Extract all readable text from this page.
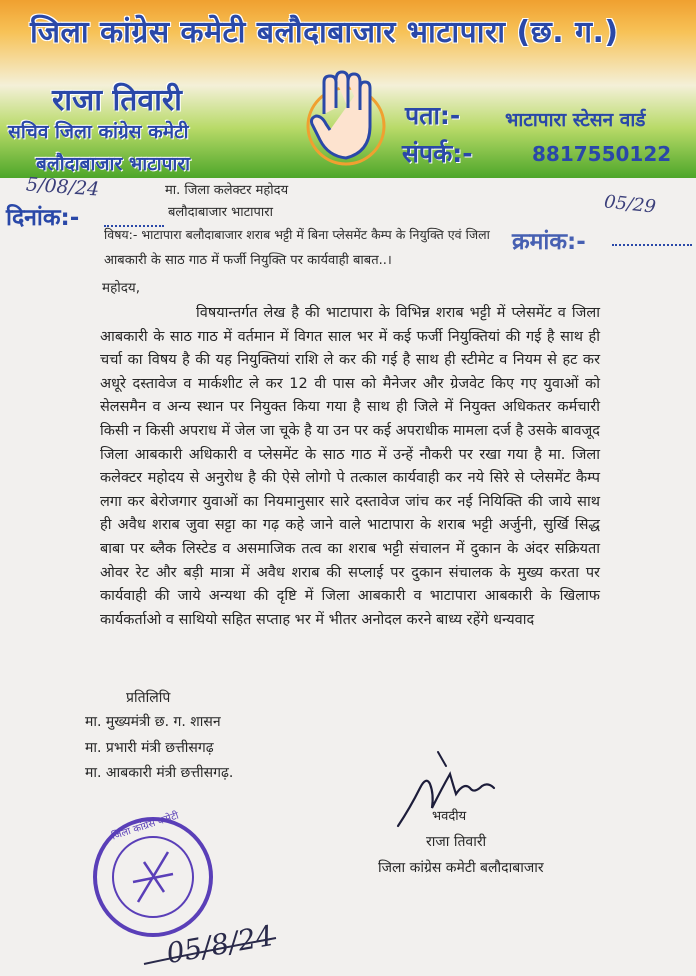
जिला कांग्रेस कमेटी बलौदाबाजार भाटापारा (छ. ग.)
राजा तिवारी
सचिव जिला कांग्रेस कमेटी
बलौदाबाजार भाटापारा
पता:- भाटापारा स्टेसन वार्ड
संपर्क:-	8817550122
5/08/24
दिनांक:-
मा. जिला कलेक्टर महोदय
बलौदाबाजार भाटापारा	05/29
क्रमांक:-
विषय:- भाटापारा बलौदाबाजार शराब भट्टी में बिना प्लेसमेंट कैम्प के नियुक्ति एवं जिला
आबकारी के साठ गाठ में फर्जी नियुक्ति पर कार्यवाही बाबत..।
महोदय,
विषयान्तर्गत लेख है की भाटापारा के विभिन्न शराब भट्टी में प्लेसमेंट व जिला आबकारी के साठ गाठ में वर्तमान में विगत साल भर में कई फर्जी नियुक्तियां की गई है साथ ही चर्चा का विषय है की यह नियुक्तियां राशि ले कर की गई है साथ ही स्टीमेट व नियम से हट कर अधूरे दस्तावेज व मार्कशीट ले कर 12 वी पास को मैनेजर और ग्रेजवेट किए गए युवाओं को सेलसमैन व अन्य स्थान पर नियुक्त किया गया है साथ ही जिले में नियुक्त अधिकतर कर्मचारी किसी न किसी अपराध में जेल जा चूके है या उन पर कई अपराधीक मामला दर्ज है उसके बावजूद जिला आबकारी अधिकारी व प्लेसमेंट के साठ गाठ में उन्हें नौकरी पर रखा गया है मा. जिला कलेक्टर महोदय से अनुरोध है की ऐसे लोगो पे तत्काल कार्यवाही कर नये सिरे से प्लेसमेंट कैम्प लगा कर बेरोजगार युवाओं का नियमानुसार सारे दस्तावेज जांच कर नई नियिक्ति की जाये साथ ही अवैध शराब जुवा सट्टा का गढ़ कहे जाने वाले भाटापारा के शराब भट्टी अर्जुनी, सुर्खि सिद्ध बाबा पर ब्लैक लिस्टेड व असमाजिक तत्व का शराब भट्टी संचालन में दुकान के अंदर सक्रियता ओवर रेट और बड़ी मात्रा में अवैध शराब की सप्लाई पर दुकान संचालक के मुख्य करता पर कार्यवाही की जाये अन्यथा की दृष्टि में जिला आबकारी व भाटापारा आबकारी के खिलाफ कार्यकर्ताओ व साथियो सहित सप्ताह भर में भीतर अनोदल करने बाध्य रहेंगे धन्यवाद
प्रतिलिपि
मा. मुख्यमंत्री छ. ग. शासन
मा. प्रभारी मंत्री छत्तीसगढ़
मा. आबकारी मंत्री छत्तीसगढ़.
भवदीय
राजा तिवारी
जिला कांग्रेस कमेटी बलौदाबाजार
जिला कांग्रेस कमेटी
05/8/24
